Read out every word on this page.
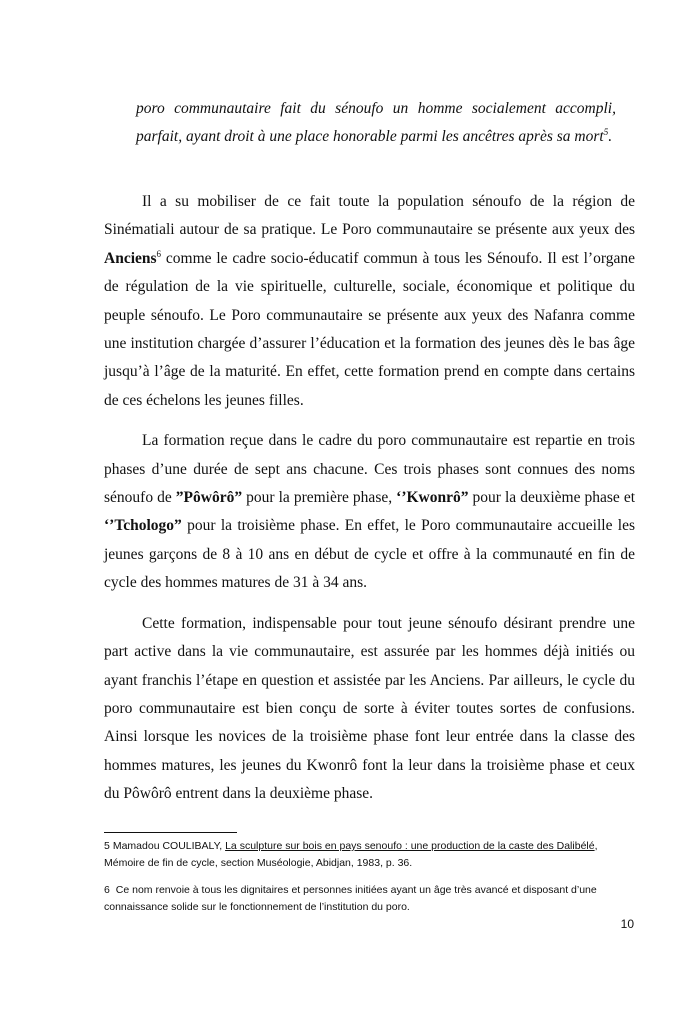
poro communautaire fait du sénoufo un homme socialement accompli, parfait, ayant droit à une place honorable parmi les ancêtres après sa mort$^5$.

Il a su mobiliser de ce fait toute la population sénoufo de la région de Sinématiali autour de sa pratique. Le Poro communautaire se présente aux yeux des Anciens$^6$ comme le cadre socio-éducatif commun à tous les Sénoufo. Il est l’organe de régulation de la vie spirituelle, culturelle, sociale, économique et politique du peuple sénoufo. Le Poro communautaire se présente aux yeux des Nafanra comme une institution chargée d’assurer l’éducation et la formation des jeunes dès le bas âge jusqu’à l’âge de la maturité. En effet, cette formation prend en compte dans certains de ces échelons les jeunes filles.

La formation reçue dans le cadre du poro communautaire est repartie en trois phases d’une durée de sept ans chacune. Ces trois phases sont connues des noms sénoufo de ”Pôwôrô” pour la première phase, ‘’Kwonrô” pour la deuxième phase et ‘’Tchologo” pour la troisième phase. En effet, le Poro communautaire accueille les jeunes garçons de 8 à 10 ans en début de cycle et offre à la communauté en fin de cycle des hommes matures de 31 à 34 ans.

Cette formation, indispensable pour tout jeune sénoufo désirant prendre une part active dans la vie communautaire, est assurée par les hommes déjà initiés ou ayant franchis l’étape en question et assistée par les Anciens. Par ailleurs, le cycle du poro communautaire est bien conçu de sorte à éviter toutes sortes de confusions. Ainsi lorsque les novices de la troisième phase font leur entrée dans la classe des hommes matures, les jeunes du Kwonrô font la leur dans la troisième phase et ceux du Pôwôrô entrent dans la deuxième phase.

5 Mamadou COULIBALY, La sculpture sur bois en pays senoufo : une production de la caste des Dalibélé, Mémoire de fin de cycle, section Muséologie, Abidjan, 1983, p. 36.

6 Ce nom renvoie à tous les dignitaires et personnes initiées ayant un âge très avancé et disposant d’une connaissance solide sur le fonctionnement de l’institution du poro.

10
